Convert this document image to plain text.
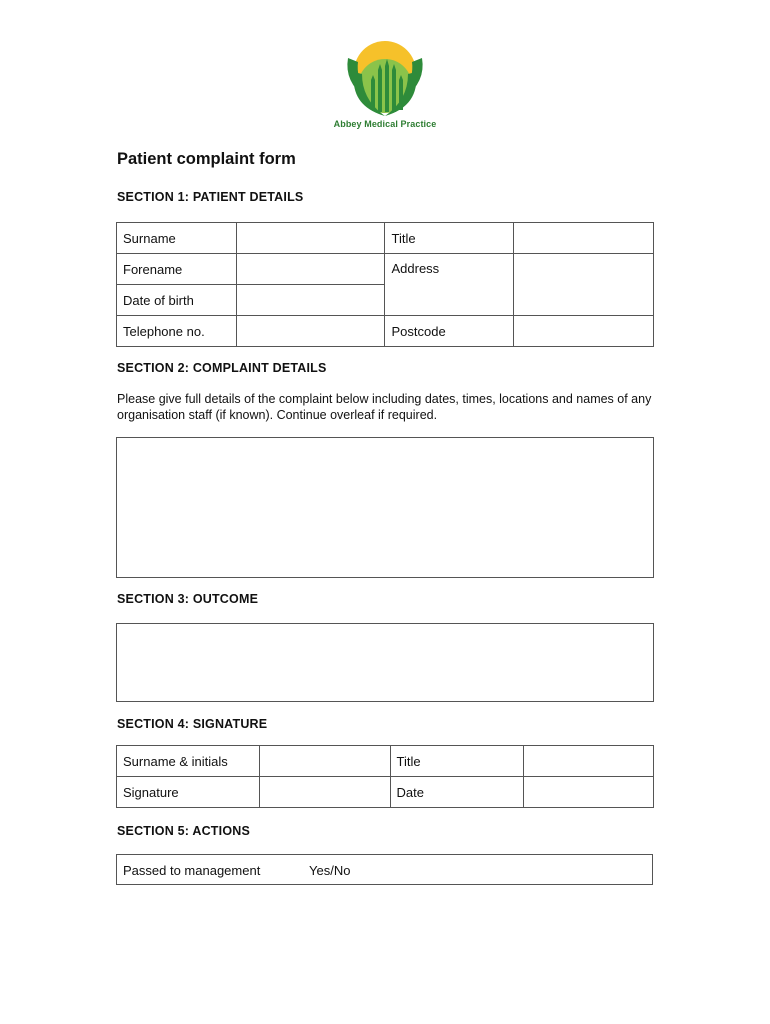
Abbey Medical Practice
Patient complaint form
SECTION 1: PATIENT DETAILS
Surname		Title	
Forename		Address	
Date of birth			
Telephone no.		Postcode	
SECTION 2: COMPLAINT DETAILS
Please give full details of the complaint below including dates, times, locations and names of any organisation staff (if known). Continue overleaf if required.
SECTION 3: OUTCOME
SECTION 4: SIGNATURE
Surname & initials		Title	
Signature		Date	
SECTION 5: ACTIONS
Passed to management	Yes/No
